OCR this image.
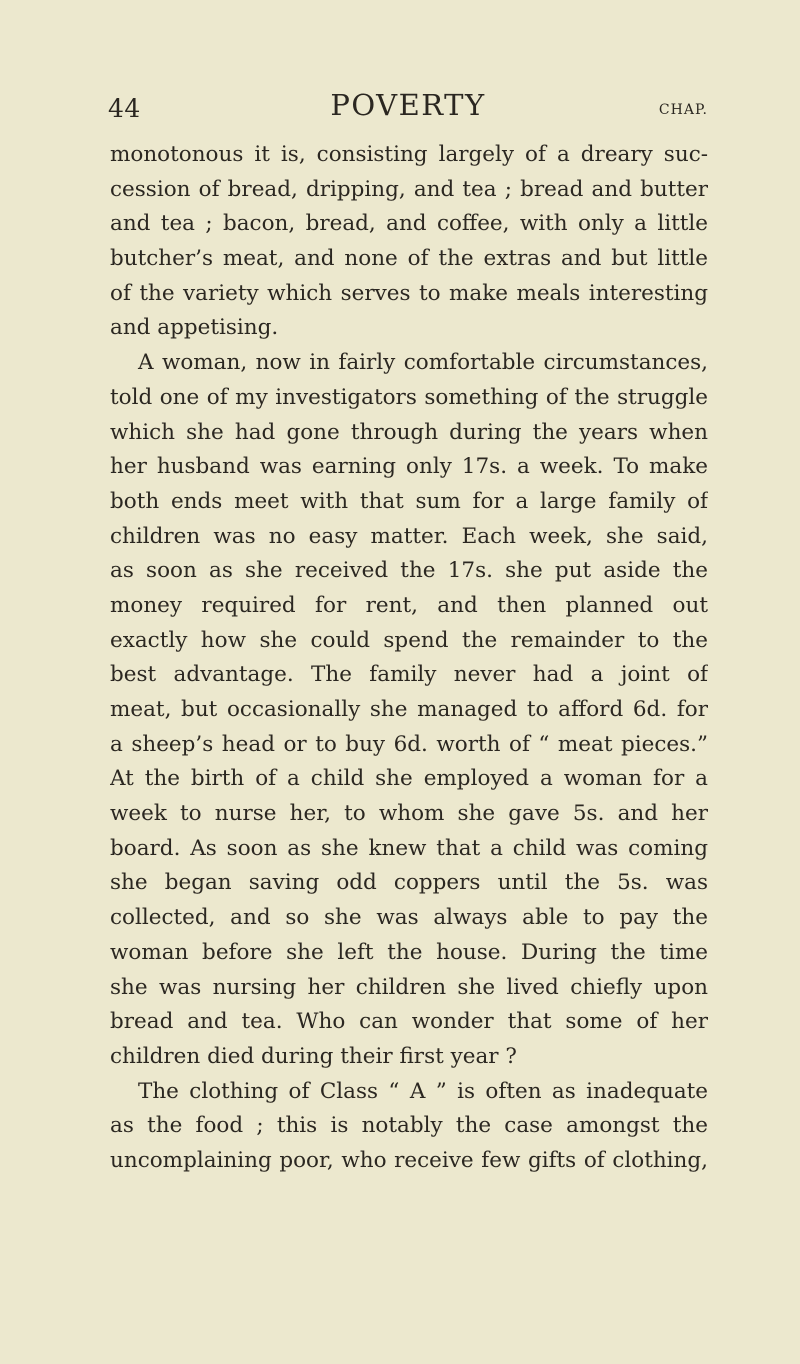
44	POVERTY	CHAP.
monotonous it is, consisting largely of a dreary suc-
cession of bread, dripping, and tea ; bread and butter
and tea ; bacon, bread, and coffee, with only a little
butcher’s meat, and none of the extras and but little
of the variety which serves to make meals interesting
and appetising.
A woman, now in fairly comfortable circumstances,
told one of my investigators something of the struggle
which she had gone through during the years when
her husband was earning only 17s. a week. To make
both ends meet with that sum for a large family of
children was no easy matter. Each week, she said,
as soon as she received the 17s. she put aside the
money required for rent, and then planned out
exactly how she could spend the remainder to the
best advantage. The family never had a joint of
meat, but occasionally she managed to afford 6d. for
a sheep’s head or to buy 6d. worth of “ meat pieces.”
At the birth of a child she employed a woman for a
week to nurse her, to whom she gave 5s. and her
board. As soon as she knew that a child was coming
she began saving odd coppers until the 5s. was
collected, and so she was always able to pay the
woman before she left the house. During the time
she was nursing her children she lived chiefly upon
bread and tea. Who can wonder that some of her
children died during their first year ?
The clothing of Class “ A ” is often as inadequate
as the food ; this is notably the case amongst the
uncomplaining poor, who receive few gifts of clothing,
